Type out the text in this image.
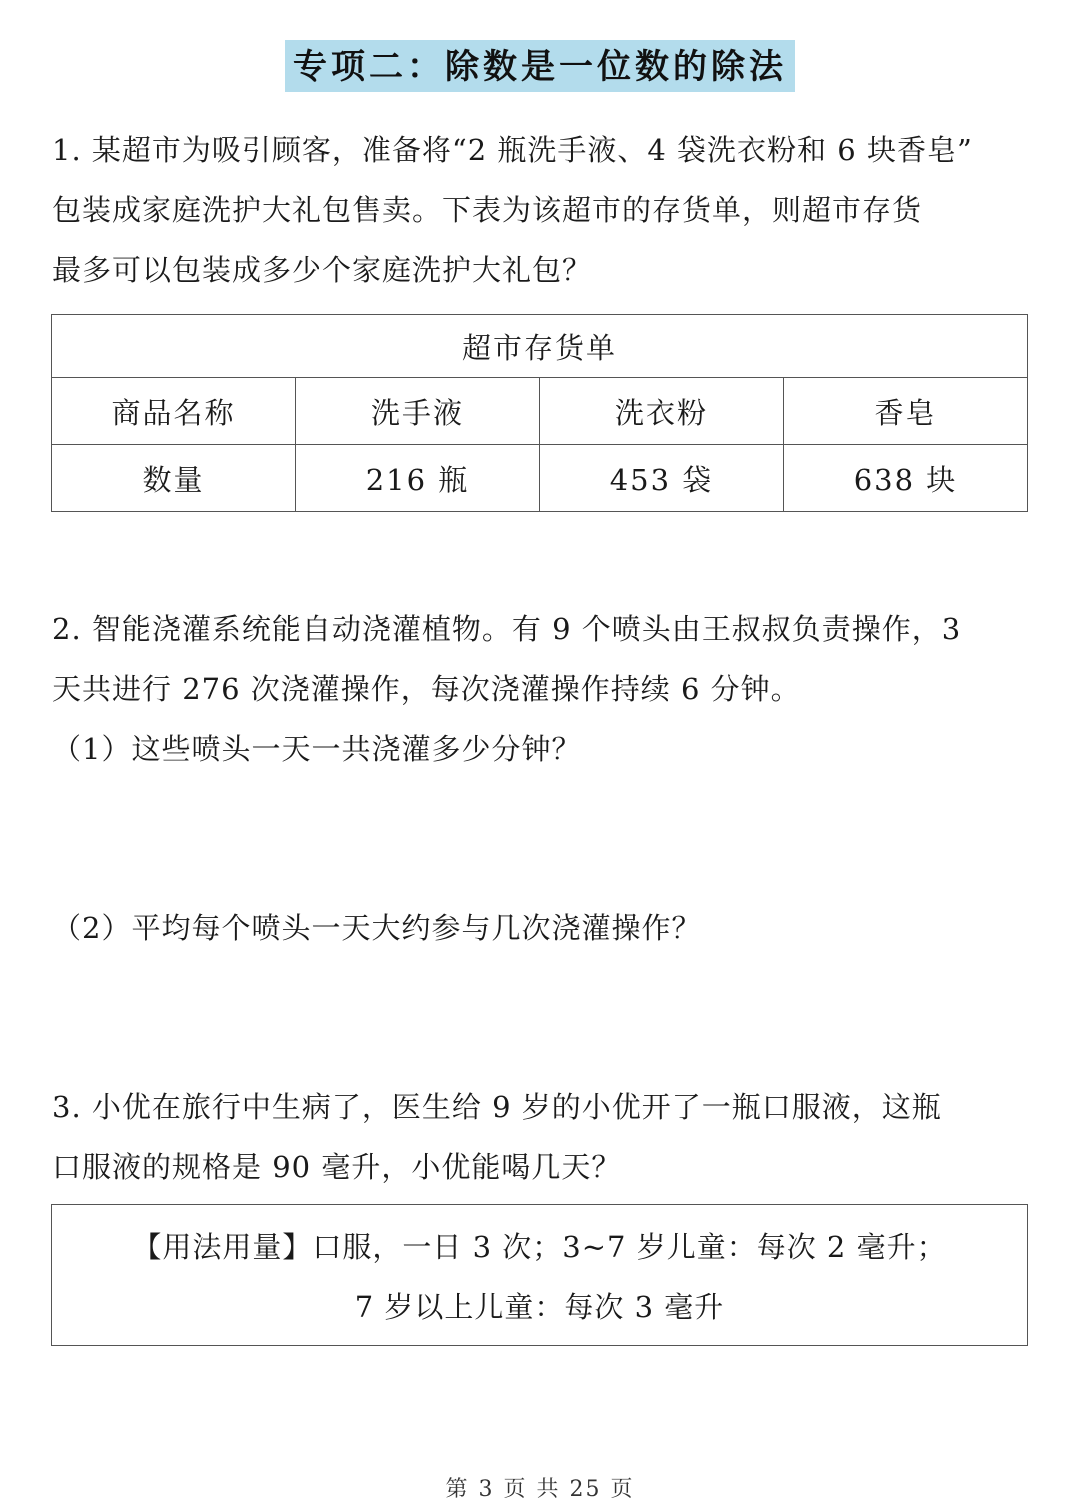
专项二：除数是一位数的除法
1. 某超市为吸引顾客，准备将“2 瓶洗手液、4 袋洗衣粉和 6 块香皂”
包装成家庭洗护大礼包售卖。下表为该超市的存货单，则超市存货
最多可以包装成多少个家庭洗护大礼包？
超市存货单			
商品名称	洗手液	洗衣粉	香皂
数量	216 瓶	453 袋	638 块
2. 智能浇灌系统能自动浇灌植物。有 9 个喷头由王叔叔负责操作，3
天共进行 276 次浇灌操作，每次浇灌操作持续 6 分钟。
（1）这些喷头一天一共浇灌多少分钟？
（2）平均每个喷头一天大约参与几次浇灌操作？
3. 小优在旅行中生病了，医生给 9 岁的小优开了一瓶口服液，这瓶
口服液的规格是 90 毫升，小优能喝几天？
【用法用量】口服，一日 3 次；3~7 岁儿童：每次 2 毫升；
7 岁以上儿童：每次 3 毫升
第 3 页 共 25 页
